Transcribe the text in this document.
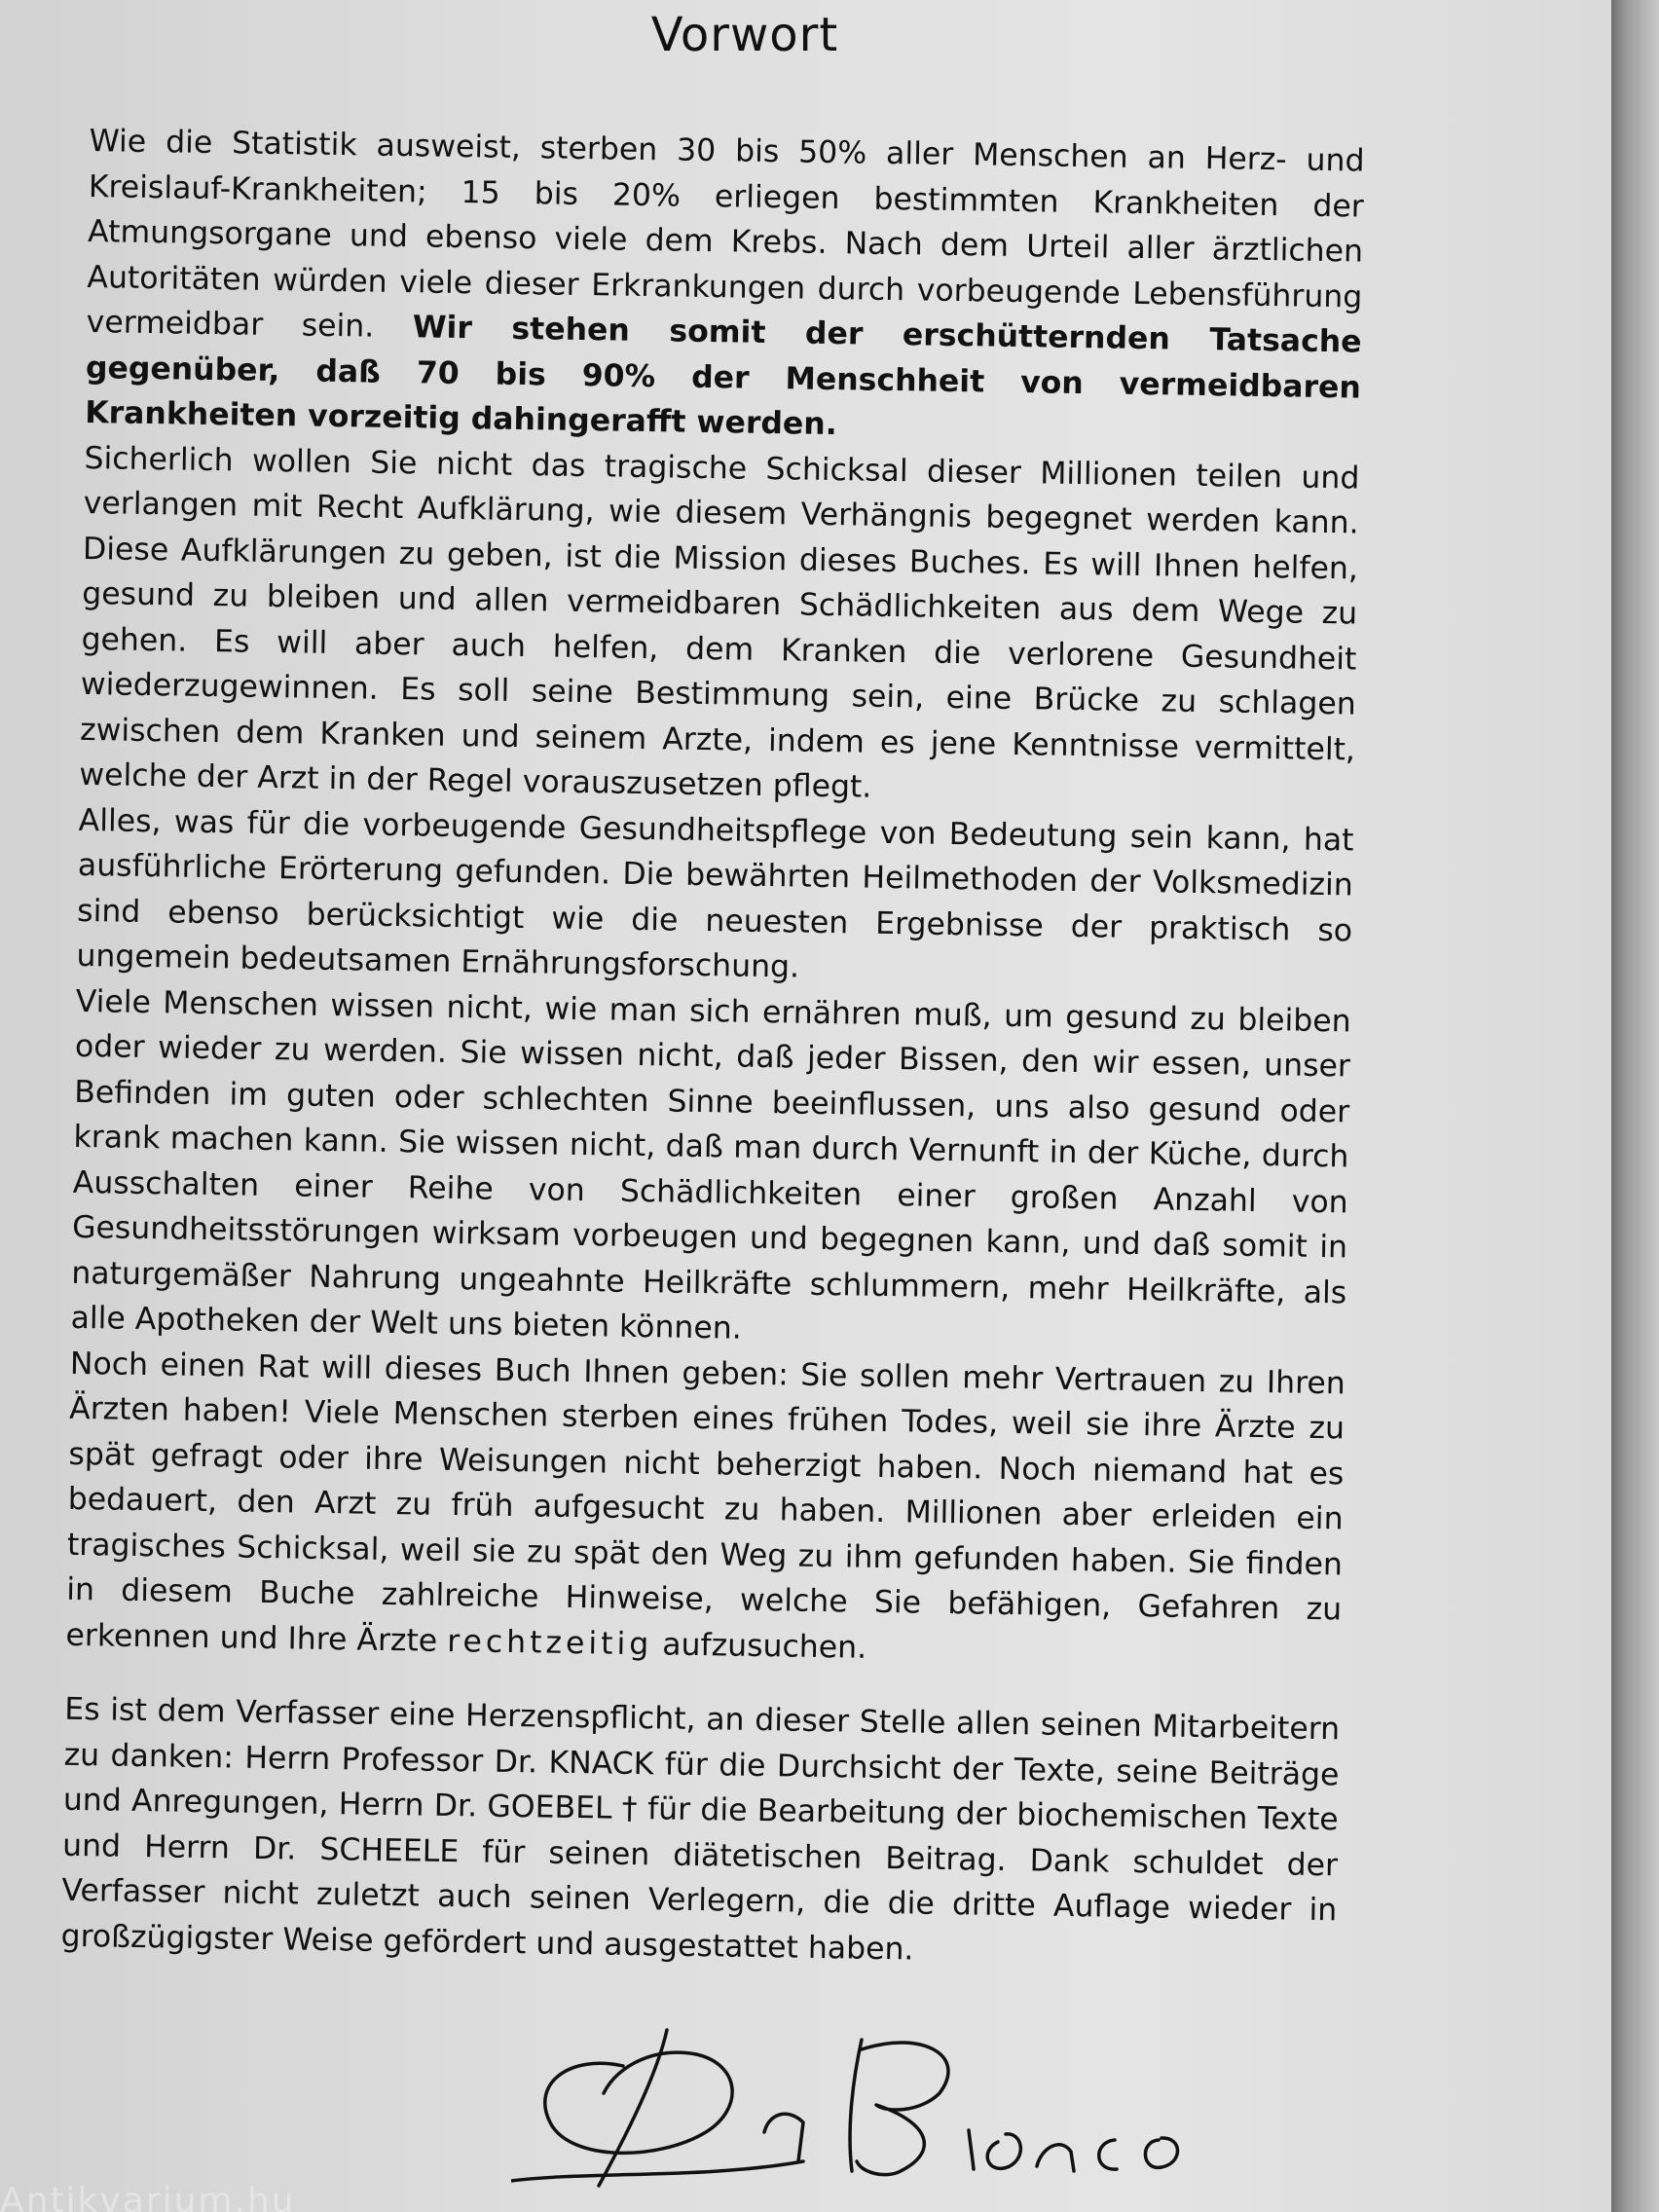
Vorwort

Wie die Statistik ausweist, sterben 30 bis 50% aller Menschen an Herz- und Kreislauf-Krankheiten; 15 bis 20% erliegen bestimmten Krankheiten der Atmungsorgane und ebenso viele dem Krebs. Nach dem Urteil aller ärztlichen Autoritäten würden viele dieser Erkrankungen durch vorbeugende Lebensführung vermeidbar sein. Wir stehen somit der erschütternden Tatsache gegenüber, daß 70 bis 90% der Menschheit von vermeidbaren Krankheiten vorzeitig dahingerafft werden.

Sicherlich wollen Sie nicht das tragische Schicksal dieser Millionen teilen und verlangen mit Recht Aufklärung, wie diesem Verhängnis begegnet werden kann. Diese Aufklärungen zu geben, ist die Mission dieses Buches. Es will Ihnen helfen, gesund zu bleiben und allen vermeidbaren Schädlichkeiten aus dem Wege zu gehen. Es will aber auch helfen, dem Kranken die verlorene Gesundheit wiederzugewinnen. Es soll seine Bestimmung sein, eine Brücke zu schlagen zwischen dem Kranken und seinem Arzte, indem es jene Kenntnisse vermittelt, welche der Arzt in der Regel vorauszusetzen pflegt.

Alles, was für die vorbeugende Gesundheitspflege von Bedeutung sein kann, hat ausführliche Erörterung gefunden. Die bewährten Heilmethoden der Volksmedizin sind ebenso berücksichtigt wie die neuesten Ergebnisse der praktisch so ungemein bedeutsamen Ernährungsforschung.

Viele Menschen wissen nicht, wie man sich ernähren muß, um gesund zu bleiben oder wieder zu werden. Sie wissen nicht, daß jeder Bissen, den wir essen, unser Befinden im guten oder schlechten Sinne beeinflussen, uns also gesund oder krank machen kann. Sie wissen nicht, daß man durch Vernunft in der Küche, durch Ausschalten einer Reihe von Schädlichkeiten einer großen Anzahl von Gesundheitsstörungen wirksam vorbeugen und begegnen kann, und daß somit in naturgemäßer Nahrung ungeahnte Heilkräfte schlummern, mehr Heilkräfte, als alle Apotheken der Welt uns bieten können.

Noch einen Rat will dieses Buch Ihnen geben: Sie sollen mehr Vertrauen zu Ihren Ärzten haben! Viele Menschen sterben eines frühen Todes, weil sie ihre Ärzte zu spät gefragt oder ihre Weisungen nicht beherzigt haben. Noch niemand hat es bedauert, den Arzt zu früh aufgesucht zu haben. Millionen aber erleiden ein tragisches Schicksal, weil sie zu spät den Weg zu ihm gefunden haben. Sie finden in diesem Buche zahlreiche Hinweise, welche Sie befähigen, Gefahren zu erkennen und Ihre Ärzte rechtzeitig aufzusuchen.

Es ist dem Verfasser eine Herzenspflicht, an dieser Stelle allen seinen Mitarbeitern zu danken: Herrn Professor Dr. KNACK für die Durchsicht der Texte, seine Beiträge und Anregungen, Herrn Dr. GOEBEL † für die Bearbeitung der biochemischen Texte und Herrn Dr. SCHEELE für seinen diätetischen Beitrag. Dank schuldet der Verfasser nicht zuletzt auch seinen Verlegern, die die dritte Auflage wieder in großzügigster Weise gefördert und ausgestattet haben.

Dr Bianco
Antikvarium.hu
